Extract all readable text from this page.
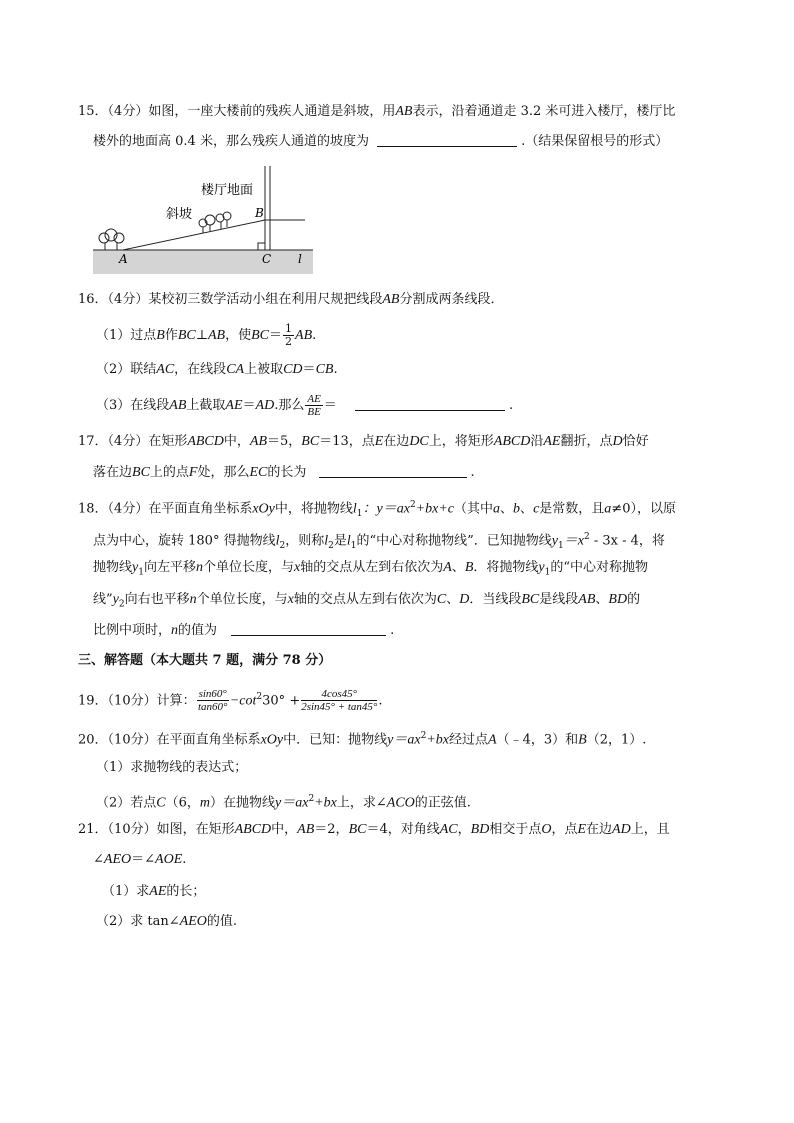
15．（4分）如图，一座大楼前的残疾人通道是斜坡，用AB表示，沿着通道走 3.2 米可进入楼厅，楼厅比
楼外的地面高 0.4 米，那么残疾人通道的坡度为	.（结果保留根号的形式）
楼厅地面
斜坡
A
B
C l
16．（4分）某校初三数学活动小组在利用尺规把线段AB分割成两条线段．
（1）过点B作BC⊥AB，使$BC= \frac{1}{2}$ AB.
（2）联结AC，在线段CA上被取CD＝CB.
（3）在线段AB上截取AE＝AD.那么 $\frac{AE}{BE}$ ＝	.
17．（4分）在矩形ABCD中，AB＝5，BC＝13，点E在边DC上，将矩形ABCD沿AE翻折，点D恰好
落在边BC上的点F处，那么EC的长为	.
18．（4分）在平面直角坐标系xOy中，将抛物线$l_1$：$y=ax^2+bx+c$（其中a、b、c是常数，且a≠0），以原
点为中心，旋转 180° 得抛物线$l_2$，则称$l_2$是$l_1$的“中心对称抛物线”．已知抛物线$y_1=x^2 - 3x - 4$，将
抛物线$y_1$向左平移n个单位长度，与x轴的交点从左到右依次为A、B．将抛物线$y_1$的“中心对称抛物
线$”y_2$向右也平移n个单位长度，与x轴的交点从左到右依次为C、D．当线段BC是线段AB、BD的
比例中项时，n的值为	.
三、解答题（本大题共 7 题，满分 78 分）
19．（10分）计算： $\frac{\sin 60^\circ}{\tan 60^\circ} -\cot^230^\circ + \frac{4\cos 45^\circ}{2\sin 45^\circ + \tan 45^\circ}$ .
20．（10分）在平面直角坐标系xOy中．已知：抛物线$y=ax^2+bx$经过点A（﹣4，3）和B（2，1）.
（1）求抛物线的表达式；
（2）若点C（6，m）在抛物线$y=ax^2+bx$上，求∠ACO的正弦值.
21．（10分）如图，在矩形ABCD中，AB＝2，BC＝4，对角线AC，BD相交于点O，点E在边AD上，且
∠AEO＝∠AOE.
（1）求AE的长；
（2）求 tan∠AEO的值.
